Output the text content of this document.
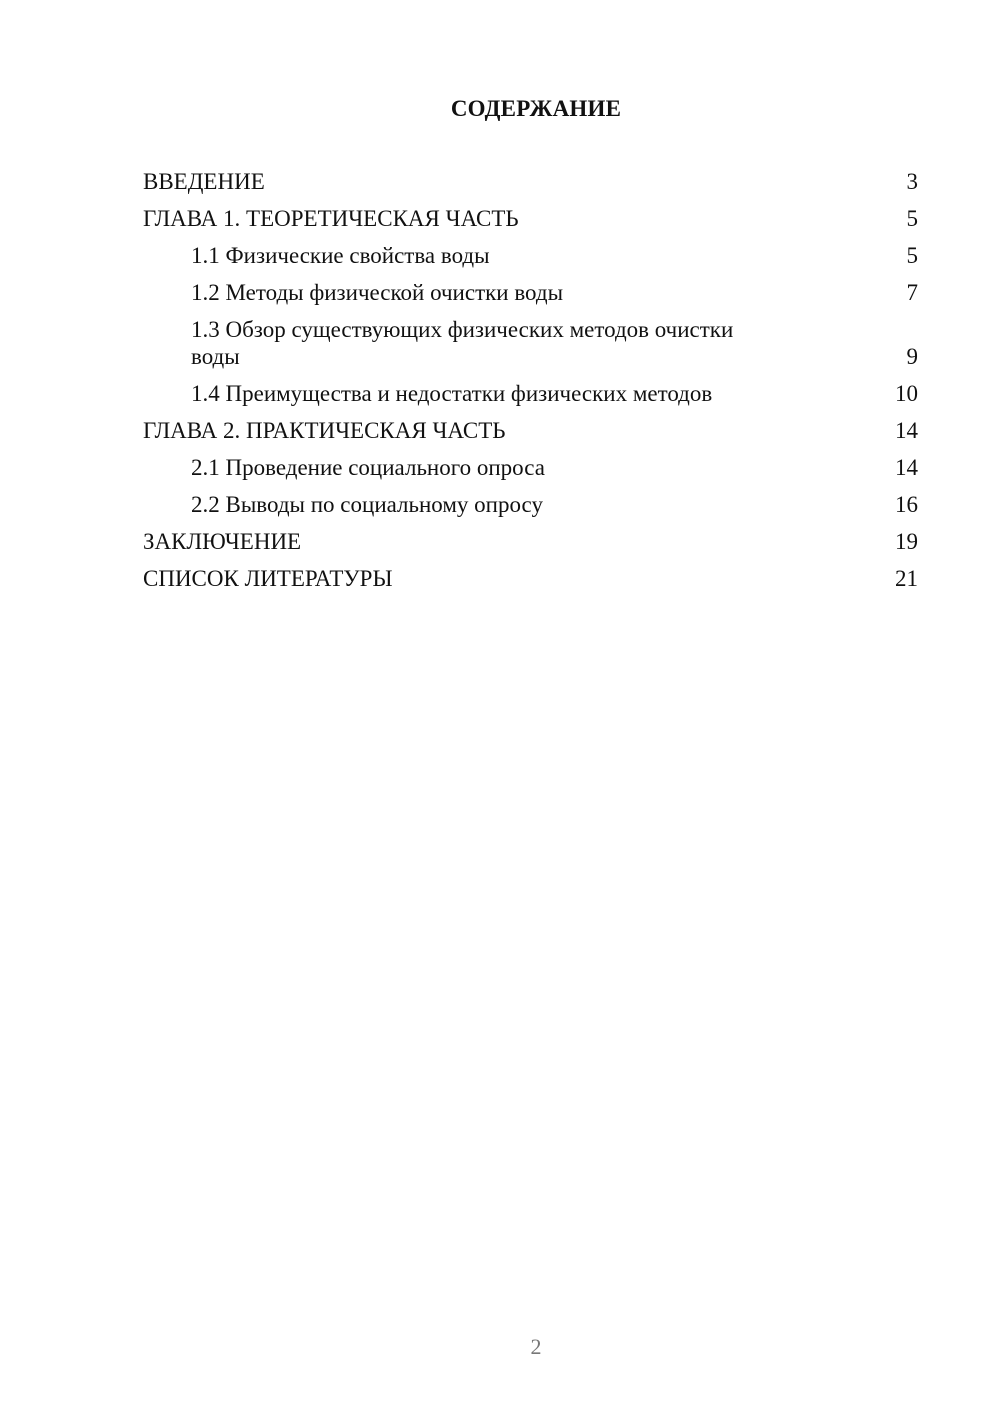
СОДЕРЖАНИЕ
ВВЕДЕНИЕ	3
ГЛАВА 1. ТЕОРЕТИЧЕСКАЯ ЧАСТЬ	5
1.1 Физические свойства воды	5
1.2 Методы физической очистки воды	7
1.3 Обзор существующих физических методов очистки воды	9
1.4 Преимущества и недостатки физических методов	10
ГЛАВА 2. ПРАКТИЧЕСКАЯ ЧАСТЬ	14
2.1 Проведение социального опроса	14
2.2 Выводы по социальному опросу	16
ЗАКЛЮЧЕНИЕ	19
СПИСОК ЛИТЕРАТУРЫ	21
2
